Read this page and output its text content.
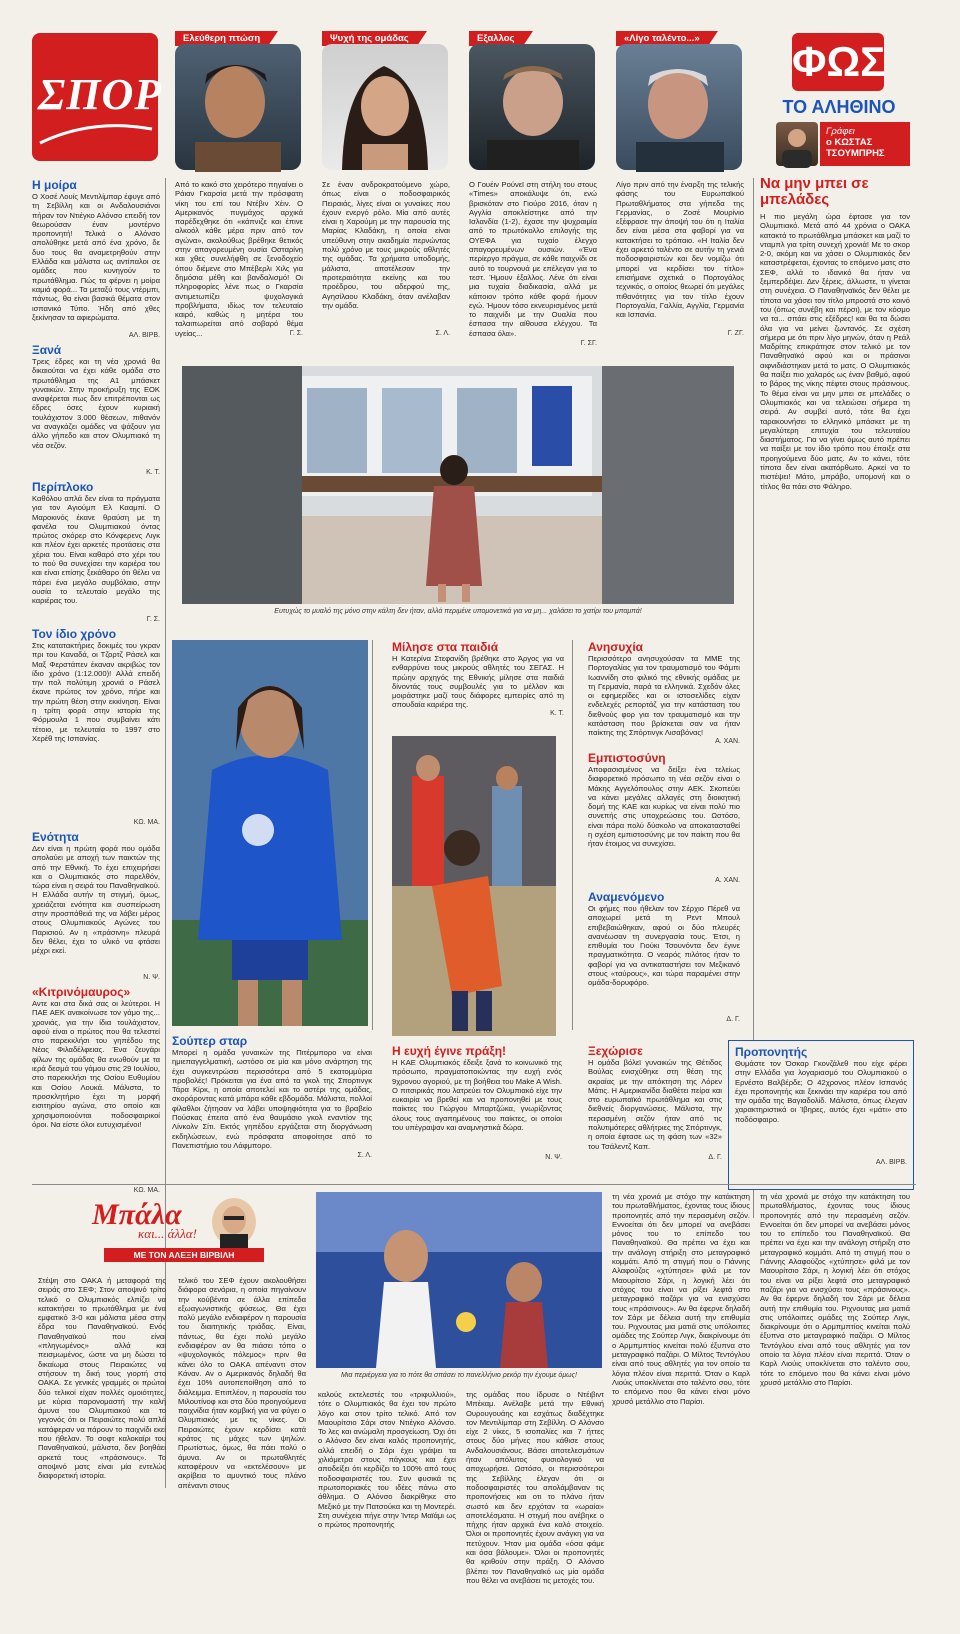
ΣΠΟΡ
ΦΩΣ
ΤΟ ΑΛΗΘΙΝΟ
Γράφει
ο ΚΩΣΤΑΣ
ΤΣΟΥΜΠΡΗΣ
Ελεύθερη πτώση	Ψυχή της ομάδας	Εξαλλος	«Λίγο ταλέντο...»
Η μοίρα
Ο Χοσέ Λουίς Μεντιλίμπαρ έφυγε από τη Σεβίλλη και οι Ανδαλουσιάνοι πήραν τον Ντιέγκο Αλόνσο επειδή τον θεωρούσαν έναν μοντέρνο προπονητή! Τελικά ο Αλόνσο απολύθηκε μετά από ένα χρόνο, δε δυο τους θα αναμετρηθούν στην Ελλάδα και μάλιστα ως αντίπαλοι σε ομάδες που κυνηγούν το πρωτάθλημα. Πώς τα φέρνει η μοίρα καμιά φορά... Τα μεταξύ τους ντέρμπι, πάντως, θα είναι βασικά θέματα στον ισπανικό Τύπο. Ήδη από χθες ξεκίνησαν τα αφιερώματα.
ΑΛ. ΒΙΡΒ.
Ξανά
Τρεις έδρες και τη νέα χρονιά θα δικαιούται να έχει κάθε ομάδα στο πρωτάθλημα της Α1 μπάσκετ γυναικών. Στην προκήρυξη της ΕΟΚ αναφέρεται πως δεν επιτρέπονται ως έδρες όσες έχουν κυριακή τουλάχιστον 3.000 θέσεων, πιθανόν να αναγκάζει ομάδες να ψάξουν για άλλο γήπεδο και στον Ολυμπιακό τη νέα σεζόν.
Κ. Τ.
Περίπλοκο
Καθόλου απλά δεν είναι τα πράγματα για τον Αγιούμπ Ελ Κααμπί. Ο Μαροκινός έκανε θραύση με τη φανέλα του Ολυμπιακού όντας πρώτος σκόρερ στο Κόνφερενς Λιγκ και πλέον έχει αρκετές προτάσεις στα χέρια του. Είναι καθαρό στο χέρι του το πού θα συνεχίσει την καριέρα του και είναι επίσης ξεκάθαρο ότι θέλει να πάρει ένα μεγάλο συμβόλαιο, στην ουσία το τελευταίο μεγάλο της καριέρας του.
Γ. Σ.
Τον ίδιο χρόνο
Στις κατατακτήριες δοκιμές του γκραν πρι του Καναδά, οι Τζορτζ Ράσελ και Μαξ Φερστάπεν έκαναν ακριβώς τον ίδιο χρόνο (1:12.000)! Αλλά επειδή την πολ πολύτιμη χρονιά ο Ράσελ έκανε πρώτος τον χρόνο, πήρε και την πρώτη θέση στην εκκίνηση. Είναι η τρίτη φορά στην ιστορία της Φόρμουλα 1 που συμβαίνει κάτι τέτοιο, με τελευταία το 1997 στο Χερέθ της Ισπανίας.
ΚΩ. ΜΑ.
Ενότητα
Δεν είναι η πρώτη φορά που ομάδα απολαύει με αποχή των παικτών της από την Εθνική. Το έχει επιχειρήσει και ο Ολυμπιακός στο παρελθόν, τώρα είναι η σειρά του Παναθηναϊκού. Η Ελλάδα αυτήν τη στιγμή, όμως, χρειάζεται ενότητα και συσπείρωση στην προσπάθειά της να λάβει μέρος στους Ολυμπιακούς Αγώνες του Παρισιού. Αν η «πράσινη» πλευρά δεν θέλει, έχει το υλικό να φτάσει μέχρι εκεί.
Ν. Ψ.
«Κιτρινόμαυρος»
Αντε και στα δικά σας οι λεύτεροι. Η ΠΑΕ ΑΕΚ ανακοίνωσε τον γάμο της... χρονιάς, για την ίδια τουλάχιστον, αφού είναι ο πρώτος που θα τελεστεί στο παρεκκλήσι του γηπέδου της Νέας Φιλαδέλφειας. Ένα ζευγάρι φίλων της ομάδας θα ενωθούν με τα ιερά δεσμά του γάμου στις 29 Ιουλίου, στο παρεκκλήσι της Οσίου Ευθυμίου και Οσίου Λουκά. Μάλιστα, το προσκλητήριο έχει τη μορφή εισιτηρίου αγώνα, στο οποίο και χρησιμοποιούνται ποδοσφαιρικοί όροι. Να είστε όλοι ευτυχισμένοι!
ΚΩ. ΜΑ.
Από το κακό στο χειρότερο πηγαίνει ο Ράιαν Γκαρσία μετά την πρόσφατη νίκη του επί του Ντέβιν Χέιν. Ο Αμερικανός πυγμάχος αρχικά παρέδεχθηκε ότι «κάπνιζε και έπινε αλκοόλ κάθε μέρα πριν από τον αγώνα», ακολούθως βρέθηκε θετικός στην απαγορευμένη ουσία Οσταρίνη και χθες συνελήφθη σε ξενοδοχείο όπου διέμενε στο Μπέβερλι Χιλς για δημόσια μέθη και βανδαλισμό! Οι πληροφορίες λένε πως ο Γκαρσία αντιμετωπίζει ψυχολογικά προβλήματα, ιδίως τον τελευταίο καιρό, καθώς η μητέρα του ταλαιπωρείται από σοβαρό θέμα υγείας...	Γ. Σ.
Σε έναν ανδροκρατούμενο χώρο, όπως είναι ο ποδοσφαιρικός Πειραιάς, λίγες είναι οι γυναίκες που έχουν ενεργό ρόλο. Μία από αυτές είναι η Χαρούμη με την παρουσία της Μαρίας Κλαδάκη, η οποία είναι υπεύθυνη στην ακαδημία περνώντας πολύ χρόνο με τους μικρούς αθλητές της ομάδας. Τα χρήματα υποδομής, μάλιστα, αποτέλεσαν την προτεραιότητα εκείνης και του προέδρου, του αδερφού της, Αγησίλαου Κλαδάκη, όταν ανέλαβαν την ομάδα.
Σ. Λ.
Ο Γουέιν Ρούνεϊ στη στήλη του στους «Times» αποκάλυψε ότι, ενώ βρισκόταν στο Γιούρο 2016, όταν η Αγγλία αποκλείστηκε από την Ισλανδία (1-2), έχασε την ψυχραιμία από το πρωτόκολλο επιλογής της ΟΥΕΦΑ για τυχαίο έλεγχο απαγορευμένων ουσιών. «Ένα περίεργο πράγμα, σε κάθε παιχνίδι σε αυτό το τουρνουά με επέλεγαν για το τεστ. Ήμουν έξαλλος. Λένε ότι είναι μια τυχαία διαδικασία, αλλά με κάποιον τρόπο κάθε φορά ήμουν εγώ. Ήμουν τόσο εκνευρισμένος μετά το παιχνίδι με την Ουαλία που έσπασα την αίθουσα ελέγχου. Τα έσπασα όλα».
Γ. ΣΓ.
Λίγο πριν από την έναρξη της τελικής φάσης του Ευρωπαϊκού Πρωταθλήματος στα γήπεδα της Γερμανίας, ο Ζοσέ Μουρίνιο εξέφρασε την άποψή του ότι η Ιταλία δεν είναι μέσα στα φαβορί για να κατακτήσει το τρόπαιο. «Η Ιταλία δεν έχει αρκετό ταλέντο σε αυτήν τη γενιά ποδοσφαιριστών και δεν νομίζω ότι μπορεί να κερδίσει τον τίτλο» επισήμανε σχετικά ο Πορτογάλος τεχνικός, ο οποίος θεωρεί ότι μεγάλες πιθανότητες για τον τίτλο έχουν Πορτογαλία, Γαλλία, Αγγλία, Γερμανία και Ισπανία.
Γ. ΖΓ.
Να μην μπει σε μπελάδες
Η πιο μεγάλη ώρα έφτασε για τον Ολυμπιακό. Μετά από 44 χρόνια ο ΟΑΚΑ κατακτά το πρωτάθλημα μπάσκετ και μαζί το νταμπλ για τρίτη συνεχή χρονιά! Με το σκορ 2-0, ακόμη και να χάσει ο Ολυμπιακός δεν καταστρέφεται, έχοντας το επόμενο ματς στο ΣΕΦ, αλλά το ιδανικό θα ήταν να ξεμπερδέψει. Δεν ξέρεις, άλλωστε, τι γίνεται στη συνέχεια. Ο Παναθηναϊκός δεν θέλει με τίποτα να χάσει τον τίτλο μπροστά στο κοινό του (όπως συνέβη και πέρσι), με τον κόσμο να τα... σπάει στις εξέδρες! και θα τα δώσει όλα για να μείνει ζωντανός. Σε σχέση σήμερα με ότι πριν λίγο μηνών, όταν η Ρεάλ Μαδρίτης επικράτησε στον τελικό με τον Παναθηναϊκό αφού και οι πράσινοι αιφνιδιάστηκαν μετά το ματς. Ο Ολυμπιακός θα παίξει πιο χαλαρός ως έναν βαθμό, αφού το βάρος της νίκης πέφτει στους πράσινους. Το θέμα είναι να μην μπει σε μπελάδες ο Ολυμπιακός και να τελειώσει σήμερα τη σειρά. Αν συμβεί αυτό, τότε θα έχει ταρακουνήσει το ελληνικό μπάσκετ με τη μεγαλύτερη επιτυχία του τελευταίου διαστήματος. Για να γίνει όμως αυτό πρέπει να παίξει με τον ίδιο τρόπο που έπαιξε στα προηγούμενα δύο ματς. Αν το κάνει, τότε τίποτα δεν είναι ακατόρθωτο. Αρκεί να το πιστέψει! Μάτο, μπράβο, υπομονή και ο τίτλος θα πάει στο Φάληρο.
Προπονητής
Θυμάστε τον Όσκαρ Γκονζάλεθ που είχε φέρει στην Ελλάδα για λογαριασμό του Ολυμπιακού ο Ερνέστο Βαλβέρδε; Ο 42χρονος πλέον Ισπανός έχει προπονητής και ξεκινάει την καριέρα του από την ομάδα της Βαγιαδολίδ. Μάλιστα, όπως έλεγαν χαρακτηριστικά οι Ίβηρες, αυτός έχει «μάτι» στο ποδόσφαιρο.
ΑΛ. ΒΙΡΒ.
Ευτυχώς το μυαλό της μόνο στην κάλτη δεν ήταν, αλλά περιμένε υπομονετικά για να μη... χαλάσει το χατίρι του μπαμπά!
Μίλησε στα παιδιά
Η Κατερίνα Στεφανίδη βρέθηκε στο Άργος για να ενθαρρύνει τους μικρούς αθλητές του ΣΕΓΑΣ. Η πρώην αρχηγός της Εθνικής μίλησε στα παιδιά δίνοντάς τους συμβουλές για το μέλλον και μοιράστηκε μαζί τους διάφορες εμπειρίες από τη σπουδαία καριέρα της.
Κ. Τ.
Ανησυχία
Περισσότερο ανησυχούσαν τα ΜΜΕ της Πορτογαλίας για τον τραυματισμό του Φάμπι Ιωαννίδη στο φιλικό της εθνικής ομάδας με τη Γερμανία, παρά τα ελληνικά. Σχεδόν όλες οι εφημερίδες και οι ιστοσελίδες είχαν ενδελεχές ρεπορτάζ για την κατάσταση του διεθνούς φορ για τον τραυματισμό και την κατάσταση που βρίσκεται σαν να ήταν παίκτης της Σπόρτινγκ Λισαβόνας!
Α. ΧΑΝ.
Εμπιστοσύνη
Αποφασισμένος να δείξει ένα τελείως διαφορετικό πρόσωπο τη νέα σεζόν είναι ο Μάκης Αγγελόπουλος στην ΑΕΚ. Σκοπεύει να κάνει μεγάλες αλλαγές στη διοικητική δομή της ΚΑΕ και κυρίως να είναι πολύ πιο συνεπής στις υποχρεώσεις του. Ωστόσο, είναι πάρα πολύ δύσκολο να αποκατασταθεί η σχέση εμπιστοσύνης με τον παίκτη που θα ήταν έτοιμος να συνεχίσει.
Α. ΧΑΝ.
Αναμενόμενο
Οι φήμες που ήθελαν τον Σέρχιο Πέρεθ να αποχωρεί μετά τη Ρεντ Μπουλ επιβεβαιώθηκαν, αφού οι δύο πλευρές ανανέωσαν τη συνεργασία τους. Έτσι, η επιθυμία του Γιούκι Τσουνόντα δεν έγινε πραγματικότητα. Ο νεαρός πιλότος ήταν το φαβορί για να αντικαταστήσει τον Μεξικανό στους «ταύρους», και τώρα παραμένει στην ομάδα-δορυφόρο.
Δ. Γ.
Σούπερ σταρ
Μπορεί η ομάδα γυναικών της Πιτέρμπορο να είναι ημιεπαγγελματική, ωστόσο σε μία και μόνο ανάρτηση της έχει συγκεντρώσει περισσότερα από 5 εκατομμύρια προβολές! Πρόκειται για ένα από τα γκολ της Σπορτινγκ Τάρα Κίρκ, η οποία αποτελεί και το αστέρι της ομάδας, σκοράροντας κατά μπάρα κάθε εβδομάδα. Μάλιστα, πολλοί φίλαθλοι ζήτησαν να λάβει υποψηφιότητα για το βραβείο Πούσκας έπειτα από ένα θαυμάσιο γκολ εναντίον της Λίνκολν Σίτι. Εκτός γηπέδου εργάζεται στη διοργάνωση εκδηλώσεων, ενώ πρόσφατα αποφοίτησε από το Πανεπιστήμιο του Λάφμπορο.
Σ. Λ.
Η ευχή έγινε πράξη!
Η ΚΑΕ Ολυμπιακός έδειξε ξανά το κοινωνικό της πρόσωπο, πραγματοποιώντας την ευχή ενός 9χρονου αγοριού, με τη βοήθεια του Make A Wish. Ο πιτσιρικάς που λατρεύει τον Ολυμπιακό είχε την ευκαιρία να βρεθεί και να προπονηθεί με τους παίκτες του Γιώργου Μπαρτζώκα, γνωρίζοντας όλους τους αγαπημένους του παίκτες, οι οποίοι του υπέγραψαν και αναμνηστικά δώρα.
Ν. Ψ.
Ξεχώρισε
Η ομάδα βόλεϊ γυναικών της Θέτιδος Βούλας ενισχύθηκε στη θέση της ακραίας με την απόκτηση της Λόρεν Μάτις. Η Αμερικανίδα διαθέτει πείρα και στο ευρωπαϊκό πρωτάθλημα και στις διεθνείς διοργανώσεις. Μάλιστα, την περασμένη σεζόν ήταν από τις πολυτιμότερες αθλήτριες της Σπόρτινγκ, η οποία έφτασε ως τη φάση των «32» του Τσάλεντζ Καπ.
Δ. Γ.
Μπάλα
και... άλλα!
ΜΕ ΤΟΝ ΑΛΕΞΗ ΒΙΡΒΙΛΗ
Στέψη στο ΟΑΚΑ ή μεταφορά της σειράς στο ΣΕΦ; Στον αποψινό τρίτο τελικό ο Ολυμπιακός ελπίζει να κατακτήσει το πρωτάθλημα με ένα εμφατικό 3-0 και μάλιστα μέσα στην έδρα του Παναθηναϊκού. Ενός Παναθηναϊκού που είναι «πληγωμένος» αλλά και πεισμωμένος, ώστε να μη δώσει το δικαίωμα στους Πειραιώτες να στήσουν τη δική τους γιορτή στο ΟΑΚΑ. Σε γενικές γραμμές οι πρώτοι δύο τελικοί είχαν πολλές ομοιότητες, με κύρια παρονομαστή την καλή άμυνα του Ολυμπιακού και το γεγονός ότι οι Πειραιώτες πολύ απλά κατάφεραν να πάρουν το παιχνίδι εκεί που ήθελαν. Το σοφτ καλοκαίρι του Παναθηναϊκού, μάλιστα, δεν βοηθάει αρκετά τους «πράσινους». Το αποψινό ματς είναι μία εντελώς διαφορετική ιστορία.
τελικό του ΣΕΦ έχουν ακολουθήσει διάφορα σενάρια, η οποία πηγαίνουν την κούβέντα σε άλλα επίπεδα εξωαγωνιστικής φύσεως. Θα έχει πολύ μεγάλο ενδιαφέρον η παρουσία του διαιτητικής τριάδας. Είναι, πάντως, θα έχει πολύ μεγάλο ενδιαφέρον αν θα πιάσει τόπο ο «ψυχολογικός πόλεμος» πριν θα κάνει όλο το ΟΑΚΑ απέναντι στον Κάναν. Αν ο Αμερικανός δηλαδή θα έχει 10% αυτοπεποίθηση από το διάλειμμα. Επιπλέον, η παρουσία του Μιλουτίνοφ και στα δύο προηγούμενα παιχνίδια ήταν κομβική για να φύγει ο Ολυμπιακός με τις νίκες. Οι Πειραιώτες έχουν κερδίσει κατά κράτος τις μάχες των ψηλών. Πρωτίστως, όμως, θα πάει πολύ ο άμυνα. Αν οι πρωταθλητές καταφέρουν να «εκτελέσουν» με ακρίβεια το αμυντικό τους πλάνο απέναντι στους
Μια περιέργεια για το πότε θα σπάσει το πανελλήνιο ρεκόρ την έχουμε όμως!
καλούς εκτελεστές του «τριφυλλιού», τότε ο Ολυμπιακός θα έχει τον πρώτο λόγο και στον τρίτο τελικό. Από τον Μαουρίτσιο Σάρι στον Ντιέγκο Αλόνσο. Το λες και ανώμαλη προσγείωση. Όχι ότι ο Αλόνσο δεν είναι καλός προπονητής, αλλά επειδή ο Σάρι έχει γράψει τα χιλιόμετρα στους πάγκους και έχει αποδείξει ότι κερδίζει το 100% από τους ποδοσφαιριστές του. Συν φυσικά τις πρωτοποριακές του ιδέες πάνω στο άθλημα. Ο Αλόνσο διακρίθηκε στο Μεξικό με την Πατσούκα και τη Μοντερέι. Στη συνέχεια πήγε στην Ίντερ Μαϊάμι ως ο πρώτος προπονητής
της ομάδας που ίδρυσε ο Ντέιβιντ Μπέκαμ. Ανέλαβε μετά την Εθνική Ουρουγουάης και εσχάτως διαδέχτηκε τον Μεντιλίμπαρ στη Σεβίλλη. Ο Αλόνσο είχε 2 νίκες, 5 ισοπαλίες και 7 ήττες στους δύο μήνες που κάθισε στους Ανδαλουσιάνους. Βάσει αποτελεσμάτων ήταν απόλυτος φυσιολογικό να αποχωρήσει. Ωστόσο, οι περισσότεροι της Σεβίλλης έλεγαν ότι οι ποδοσφαιριστές του απολάμβαναν τις προπονήσεις και οτι το πλάνο ήταν σωστό και δεν ερχόταν τα «ωραία» αποτελέσματα. Η στιγμή που ανέβηκε ο πήχης ήταν αρχικά ένα καλό στοιχείο. Όλοι οι προπονητές έχουν ανάγκη για να πετύχουν. Ήταν μια ομάδα «όσα φάμε και όσα βάλουμε». Όλοι οι προπονητές θα κριθούν στην πράξη. Ο Αλόνσο βλέπει τον Παναθηναϊκό ως μία ομάδα που θέλει να ανεβάσει τις μετοχές του.
τη νέα χρονιά με στόχο την κατάκτηση του πρωταθλήματος, έχοντας τους ίδιους προπονητές από την περασμένη σεζόν. Εννοείται ότι δεν μπορεί να ανεβάσει μόνος του το επίπεδο του Παναθηναϊκού. Θα πρέπει να έχει και την ανάλογη στήριξη στο μεταγραφικό κομμάτι. Από τη στιγμή που ο Γιάννης Αλαφούζος «χτύπησε» φιλά με τον Μαουρίτσιο Σάρι, η λογική λέει ότι στόχος του είναι να ρίξει λεφτά στο μεταγραφικό παζάρι για να ενισχύσει τους «πράσινους». Αν θα έφερνε δηλαδή τον Σάρι με δέλεια αυτή την επιθυμία του. Ριχνουτας μια ματιά στις υπόλοιπες ομάδες της Σούπερ Λιγκ, διακρίνουμε ότι ο Αρμπμπτίος κινείται πολύ έξυπνα στο μεταγραφικό παζάρι. Ο Μίλτος Τεντόγλου είναι από τους αθλητές για τον οποίο τα λόγια πλέον είναι περιττά. Όταν ο Καρλ Λιούις υποκλίνεται στο ταλέντο σου, τότε το επόμενο που θα κάνει είναι μόνο χρυσό μετάλλιο στο Παρίσι.
τη νέα χρονιά με στόχο την κατάκτηση του πρωταθλήματος, έχοντας τους ίδιους προπονητές από την περασμένη σεζόν. Εννοείται ότι δεν μπορεί να ανεβάσει μόνος του το επίπεδο του Παναθηναϊκού. Θα πρέπει να έχει και την ανάλογη στήριξη στο μεταγραφικό κομμάτι. Από τη στιγμή που ο Γιάννης Αλαφούζος «χτύπησε» φιλά με τον Μαουρίτσιο Σάρι, η λογική λέει ότι στόχος του είναι να ρίξει λεφτά στο μεταγραφικό παζάρι για να ενισχύσει τους «πράσινους». Αν θα έφερνε δηλαδή τον Σάρι με δέλεια αυτή την επιθυμία του. Ριχνουτας μια ματιά στις υπόλοιπες ομάδες της Σούπερ Λιγκ, διακρίνουμε ότι ο Αρμπμπτίος κινείται πολύ έξυπνα στο μεταγραφικό παζάρι. Ο Μίλτος Τεντόγλου είναι από τους αθλητές για τον οποίο τα λόγια πλέον είναι περιττά. Όταν ο Καρλ Λιούις υποκλίνεται στο ταλέντο σου, τότε το επόμενο που θα κάνει είναι μόνο χρυσό μετάλλιο στο Παρίσι.
